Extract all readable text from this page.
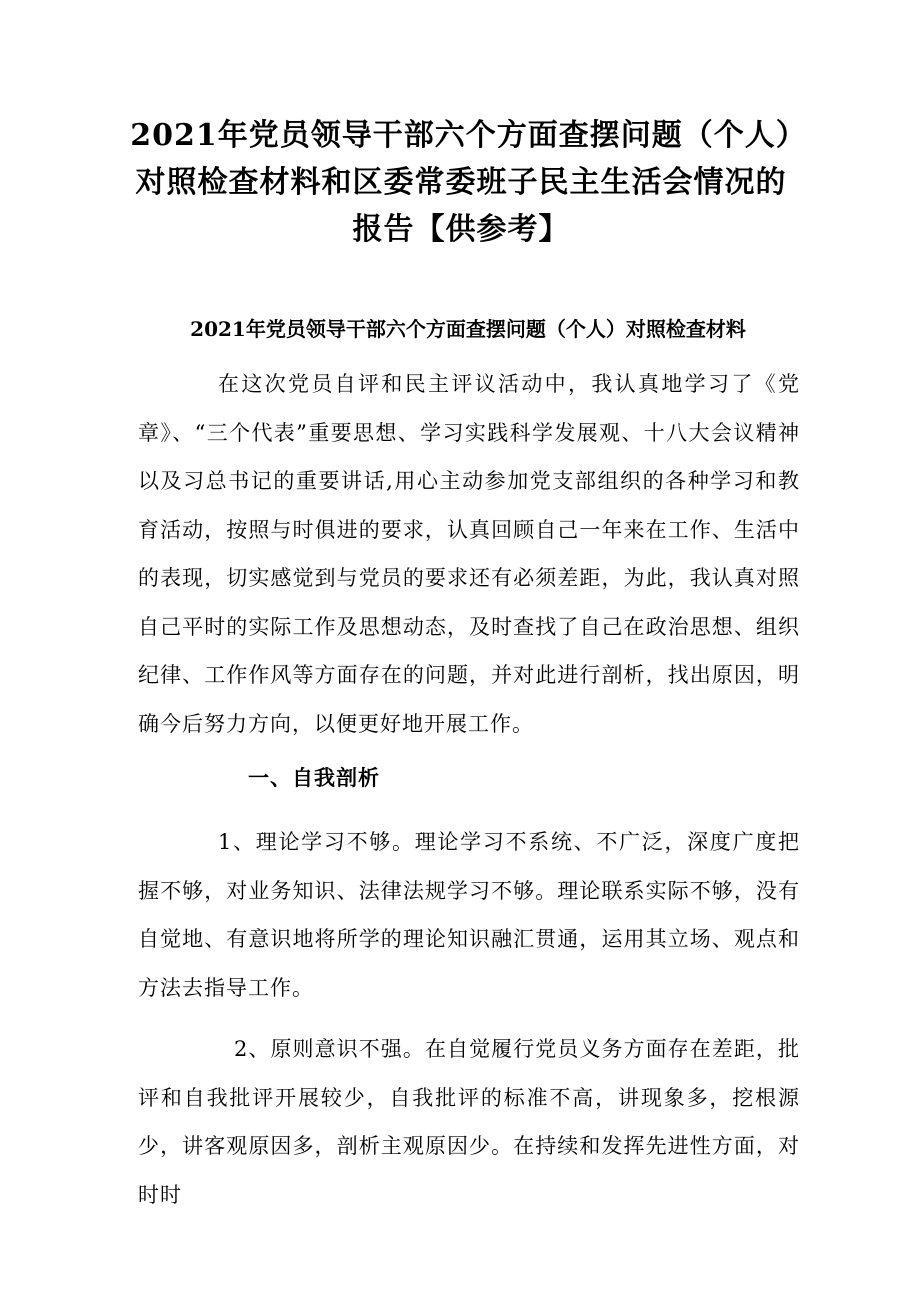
2021年党员领导干部六个方面查摆问题（个人）对照检查材料和区委常委班子民主生活会情况的报告【供参考】
2021年党员领导干部六个方面查摆问题（个人）对照检查材料

在这次党员自评和民主评议活动中，我认真地学习了《党章》、“三个代表”重要思想、学习实践科学发展观、十八大会议精神以及习总书记的重要讲话,用心主动参加党支部组织的各种学习和教育活动，按照与时俱进的要求，认真回顾自己一年来在工作、生活中的表现，切实感觉到与党员的要求还有必须差距，为此，我认真对照自己平时的实际工作及思想动态，及时查找了自己在政治思想、组织纪律、工作作风等方面存在的问题，并对此进行剖析，找出原因，明确今后努力方向，以便更好地开展工作。

一、自我剖析

1、理论学习不够。理论学习不系统、不广泛，深度广度把握不够，对业务知识、法律法规学习不够。理论联系实际不够，没有自觉地、有意识地将所学的理论知识融汇贯通，运用其立场、观点和方法去指导工作。

2、原则意识不强。在自觉履行党员义务方面存在差距，批评和自我批评开展较少，自我批评的标准不高，讲现象多，挖根源少，讲客观原因多，剖析主观原因少。在持续和发挥先进性方面，对时时
